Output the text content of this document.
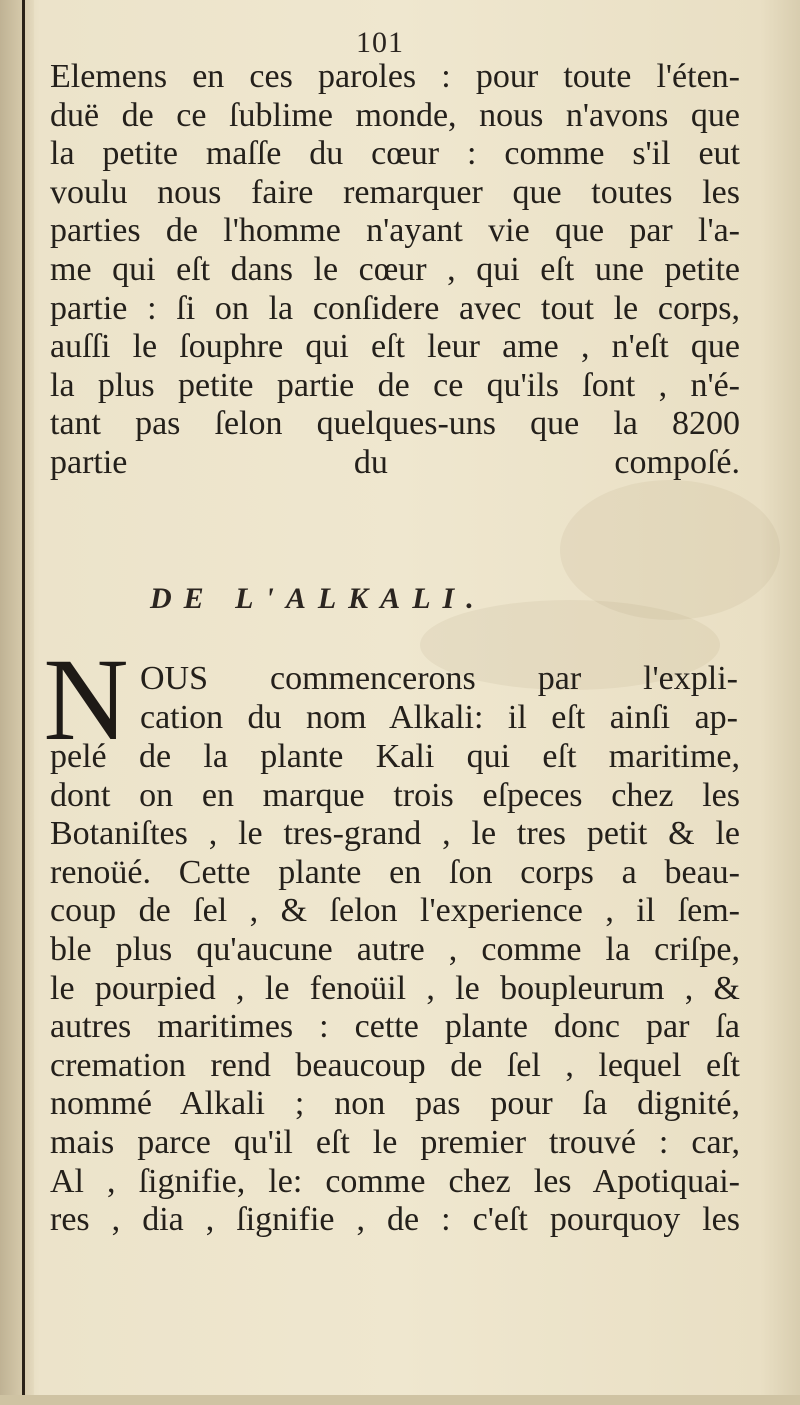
101

Elemens en ces paroles : pour toute l'éten-
duë de ce ſublime monde, nous n'avons que
la petite maſſe du cœur : comme s'il eut
voulu nous faire remarquer que toutes les
parties de l'homme n'ayant vie que par l'a-
me qui eſt dans le cœur , qui eſt une petite
partie : ſi on la conſidere avec tout le corps,
auſſi le ſouphre qui eſt leur ame , n'eſt que
la plus petite partie de ce qu'ils ſont , n'é-
tant pas ſelon quelques-uns que la 8200
partie du compoſé.

DE L'ALKALI.
N OUS commencerons par l'expli-
cation du nom Alkali: il eſt ainſi ap-

pelé de la plante Kali qui eſt maritime,
dont on en marque trois eſpeces chez les
Botaniſtes , le tres-grand , le tres petit & le
renoüé. Cette plante en ſon corps a beau-
coup de ſel , & ſelon l'experience , il ſem-
ble plus qu'aucune autre , comme la criſpe,
le pourpied , le fenoüil , le boupleurum , &
autres maritimes : cette plante donc par ſa
cremation rend beaucoup de ſel , lequel eſt
nommé Alkali ; non pas pour ſa dignité,
mais parce qu'il eſt le premier trouvé : car,
Al , ſignifie, le: comme chez les Apotiquai-
res , dia , ſignifie , de : c'eſt pourquoy les
